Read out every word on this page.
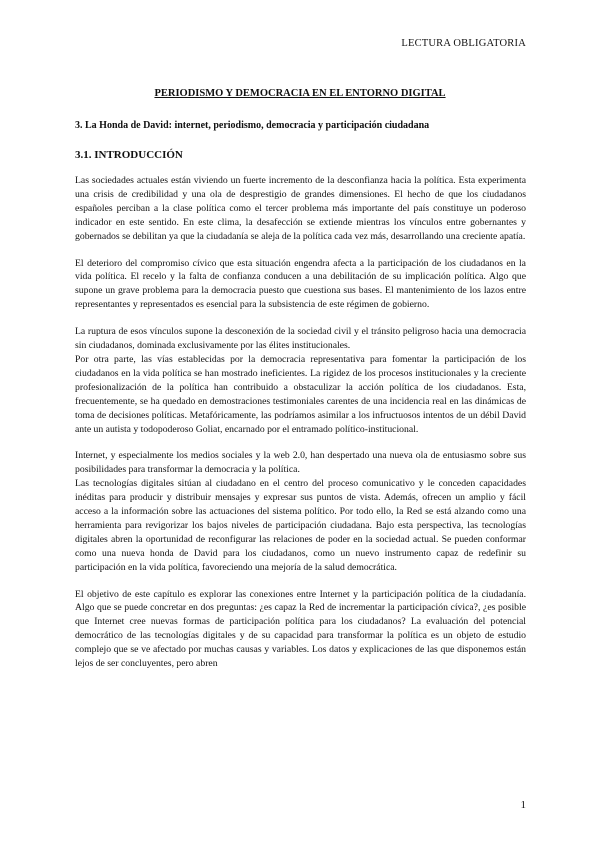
LECTURA OBLIGATORIA
PERIODISMO Y DEMOCRACIA EN EL ENTORNO DIGITAL
3. La Honda de David: internet, periodismo, democracia y participación ciudadana
3.1. INTRODUCCIÓN

Las sociedades actuales están viviendo un fuerte incremento de la desconfianza hacia la política. Esta experimenta una crisis de credibilidad y una ola de desprestigio de grandes dimensiones. El hecho de que los ciudadanos españoles perciban a la clase política como el tercer problema más importante del país constituye un poderoso indicador en este sentido. En este clima, la desafección se extiende mientras los vínculos entre gobernantes y gobernados se debilitan ya que la ciudadanía se aleja de la política cada vez más, desarrollando una creciente apatía.

El deterioro del compromiso cívico que esta situación engendra afecta a la participación de los ciudadanos en la vida política. El recelo y la falta de confianza conducen a una debilitación de su implicación política. Algo que supone un grave problema para la democracia puesto que cuestiona sus bases. El mantenimiento de los lazos entre representantes y representados es esencial para la subsistencia de este régimen de gobierno.

La ruptura de esos vínculos supone la desconexión de la sociedad civil y el tránsito peligroso hacia una democracia sin ciudadanos, dominada exclusivamente por las élites institucionales.

Por otra parte, las vías establecidas por la democracia representativa para fomentar la participación de los ciudadanos en la vida política se han mostrado ineficientes. La rigidez de los procesos institucionales y la creciente profesionalización de la política han contribuido a obstaculizar la acción política de los ciudadanos. Esta, frecuentemente, se ha quedado en demostraciones testimoniales carentes de una incidencia real en las dinámicas de toma de decisiones políticas. Metafóricamente, las podríamos asimilar a los infructuosos intentos de un débil David ante un autista y todopoderoso Goliat, encarnado por el entramado político-institucional.

Internet, y especialmente los medios sociales y la web 2.0, han despertado una nueva ola de entusiasmo sobre sus posibilidades para transformar la democracia y la política.

Las tecnologías digitales sitúan al ciudadano en el centro del proceso comunicativo y le conceden capacidades inéditas para producir y distribuir mensajes y expresar sus puntos de vista. Además, ofrecen un amplio y fácil acceso a la información sobre las actuaciones del sistema político. Por todo ello, la Red se está alzando como una herramienta para revigorizar los bajos niveles de participación ciudadana. Bajo esta perspectiva, las tecnologías digitales abren la oportunidad de reconfigurar las relaciones de poder en la sociedad actual. Se pueden conformar como una nueva honda de David para los ciudadanos, como un nuevo instrumento capaz de redefinir su participación en la vida política, favoreciendo una mejoría de la salud democrática.

El objetivo de este capítulo es explorar las conexiones entre Internet y la participación política de la ciudadanía. Algo que se puede concretar en dos preguntas: ¿es capaz la Red de incrementar la participación cívica?, ¿es posible que Internet cree nuevas formas de participación política para los ciudadanos? La evaluación del potencial democrático de las tecnologías digitales y de su capacidad para transformar la política es un objeto de estudio complejo que se ve afectado por muchas causas y variables. Los datos y explicaciones de las que disponemos están lejos de ser concluyentes, pero abren

1
